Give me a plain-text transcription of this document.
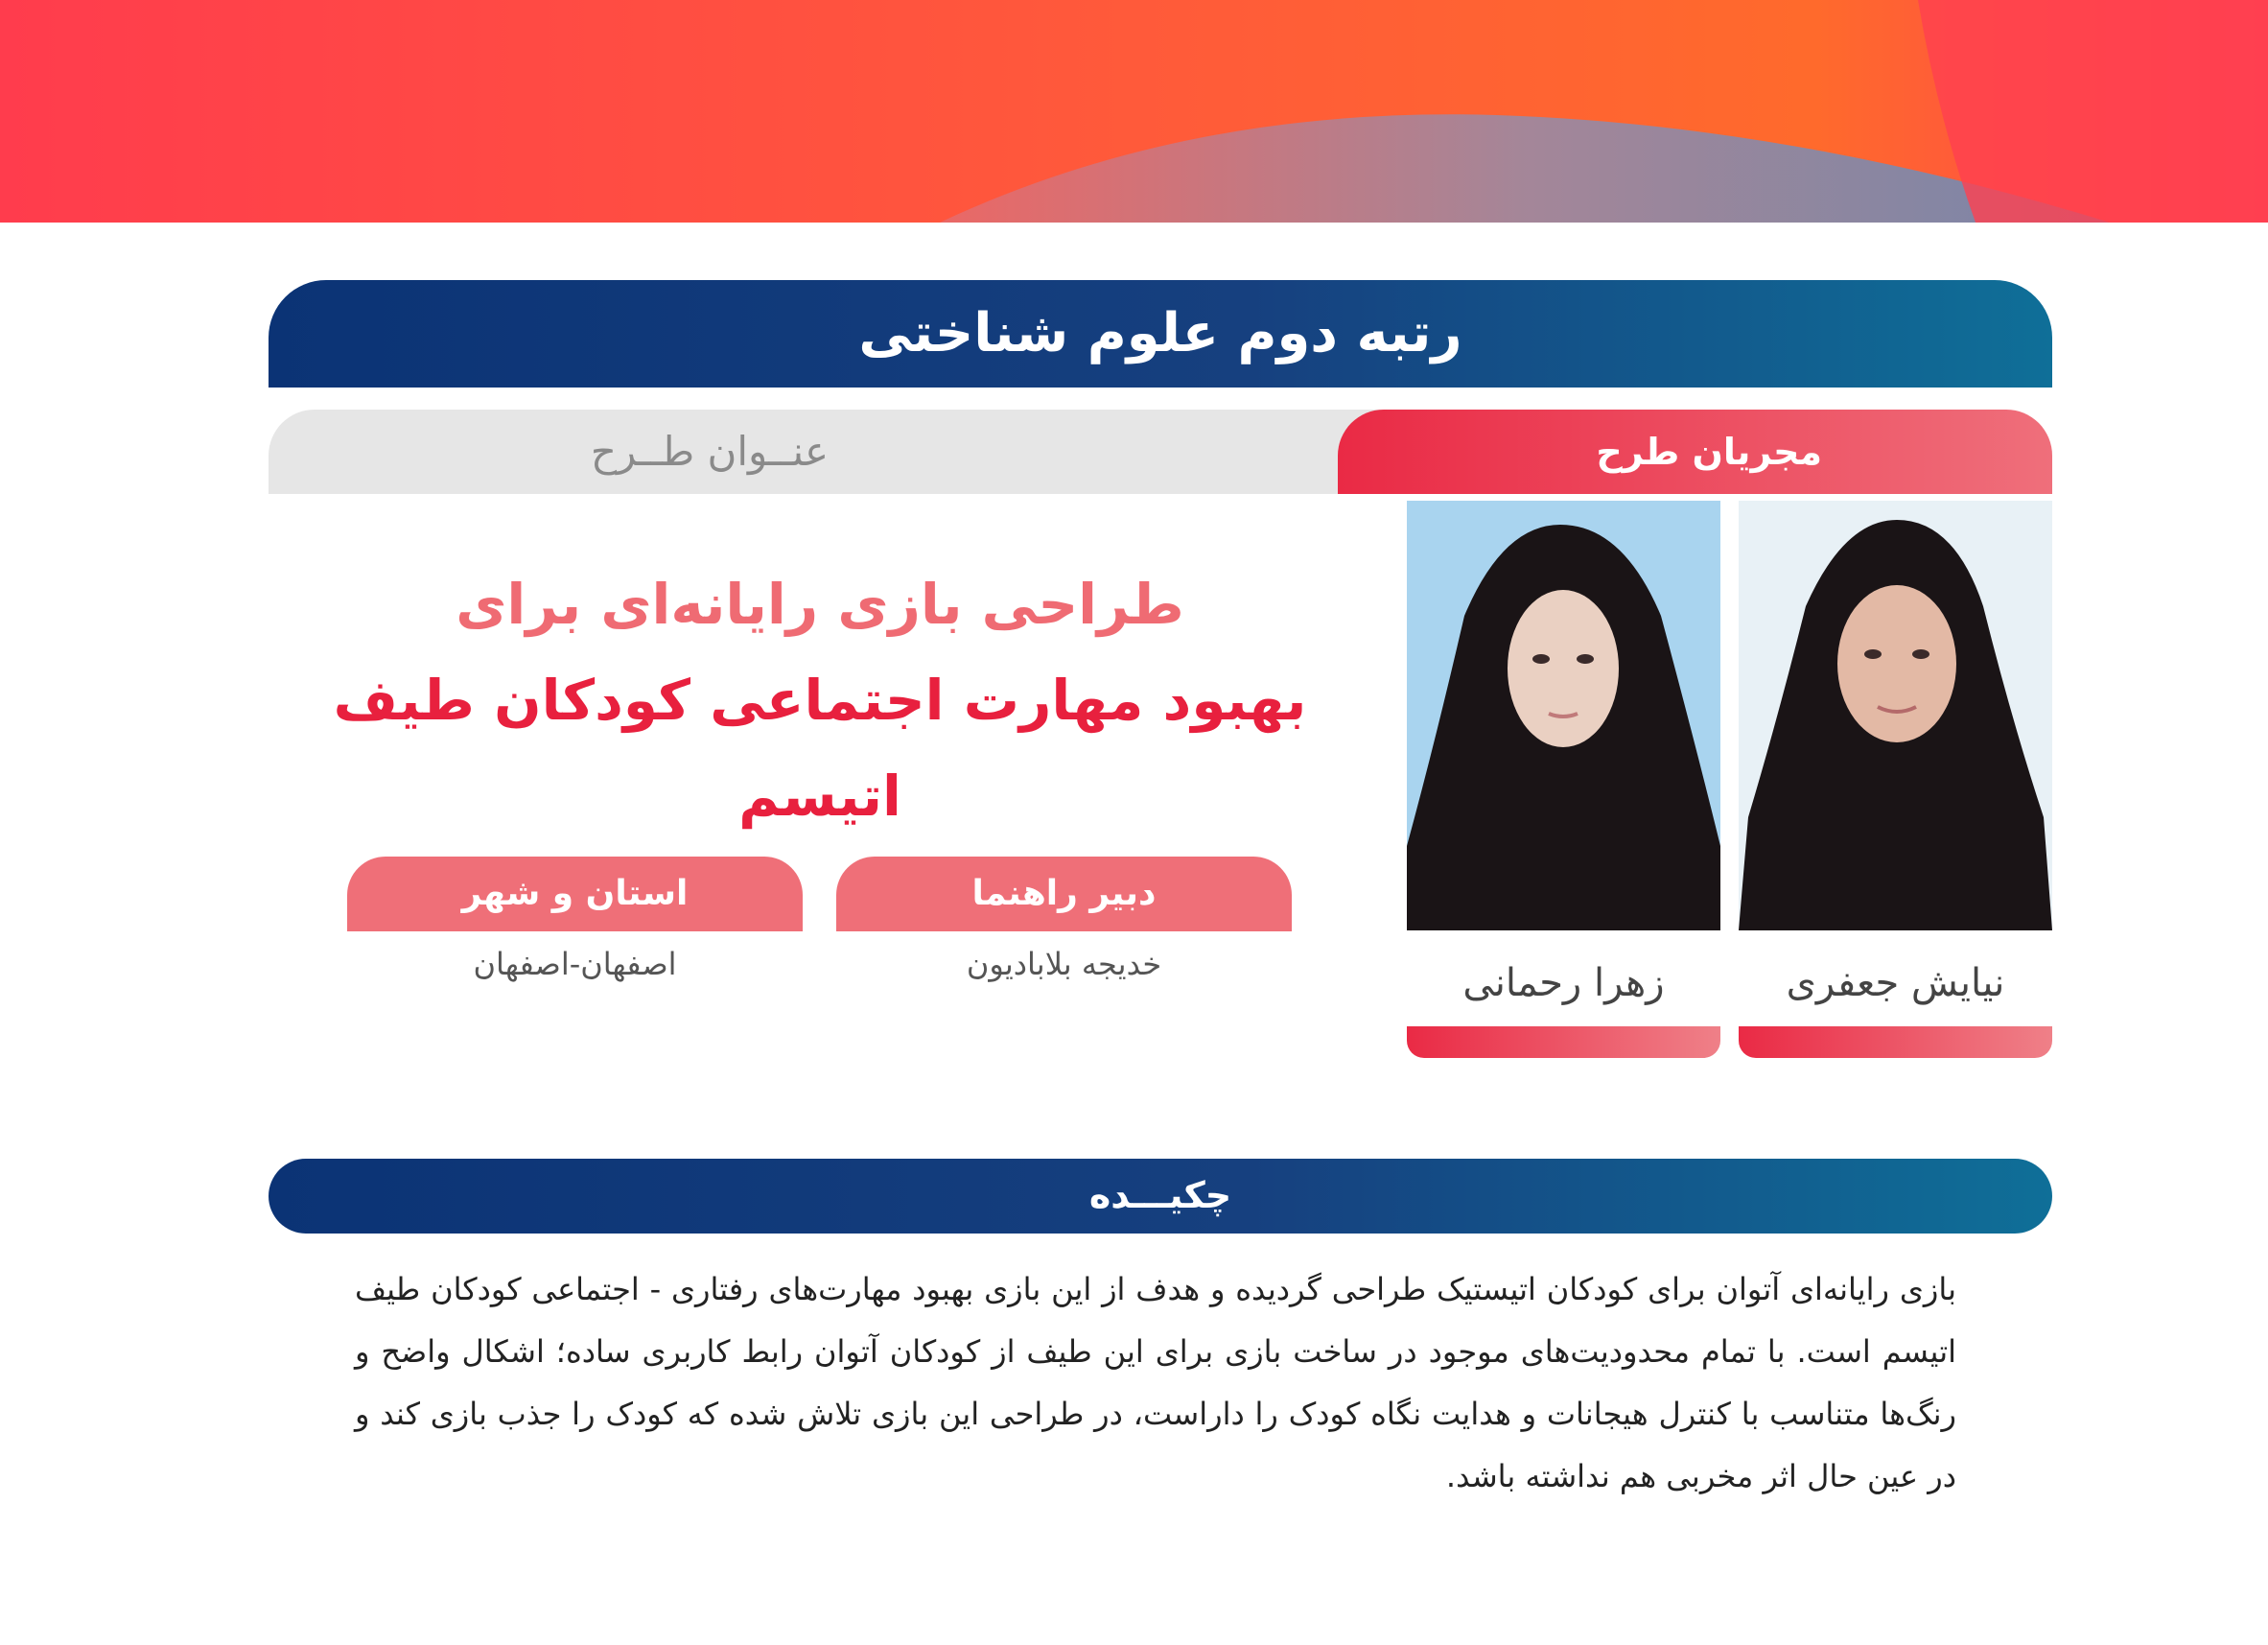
رتبه دوم علوم شناختی
عنــوان طــرح	مجریان طرح
طراحی بازی رایانه‌ای برای
بهبود مهارت اجتماعی کودکان طیف اتیسم
دبیر راهنما
خدیجه بلابادیون
استان و شهر
اصفهان-اصفهان	نیایش جعفری
زهرا رحمانی
چکیـــده
بازی رایانه‌ای آتوان برای کودکان اتیستیک طراحی گردیده و هدف از این بازی بهبود مهارت‌های رفتاری - اجتماعی کودکان طیف اتیسم است. با تمام محدودیت‌های موجود در ساخت بازی برای این طیف از کودکان آتوان رابط کاربری ساده؛ اشکال واضح و رنگ‌ها متناسب با کنترل هیجانات و هدایت نگاه کودک را داراست، در طراحی این بازی تلاش شده که کودک را جذب بازی کند و در عین حال اثر مخربی هم نداشته باشد.
